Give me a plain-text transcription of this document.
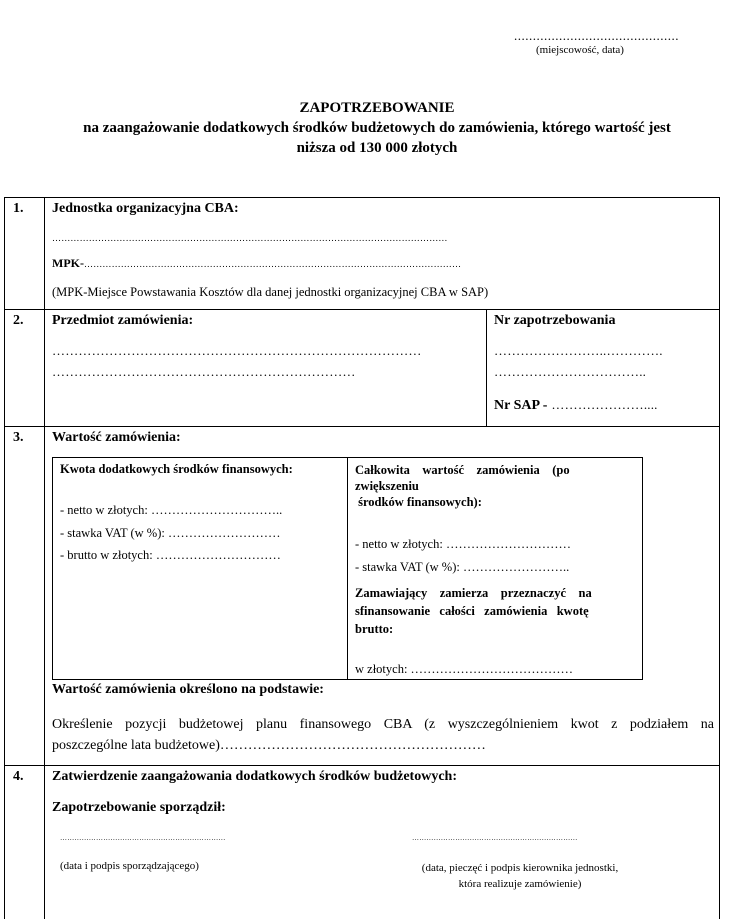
............................................
(miejscowość, data)
ZAPOTRZEBOWANIE
na zaangażowanie dodatkowych środków budżetowych do zamówienia, którego wartość jest
niższa od 130 000 złotych
1. Jednostka organizacyjna CBA:
…………………………………………………………………………………………………………………
MPK-……………………………………………………………………………………………………………
(MPK-Miejsce Powstawania Kosztów dla danej jednostki organizacyjnej CBA w SAP)
2. Przedmiot zamówienia:
…………………………………………………………………………
……………………………………………………………
Nr zapotrzebowania
……………………..………….
……………………………..
Nr SAP - …………………....
3. Wartość zamówienia:
Kwota dodatkowych środków finansowych:
- netto w złotych: …………………………..
- stawka VAT (w %): ………………………
- brutto w złotych: …………………………
Całkowita    wartość    zamówienia    (po
zwiększeniu
środków finansowych):
- netto w złotych: …………………………
- stawka VAT (w %): ……………………..
Zamawiający    zamierza    przeznaczyć    na
sfinansowanie   całości   zamówienia   kwotę
brutto:
w złotych: …………………………………
Wartość zamówienia określono na podstawie:
Określenie pozycji budżetowej planu finansowego CBA (z wyszczególnieniem kwot z podziałem na
poszczególne lata budżetowe)…………………………………………………
4. Zatwierdzenie zaangażowania dodatkowych środków budżetowych:
Zapotrzebowanie sporządził:
……………………………………………………………	……………………………………………………………
(data i podpis sporządzającego)	(data, pieczęć i podpis kierownika jednostki,
która realizuje zamówienie)
